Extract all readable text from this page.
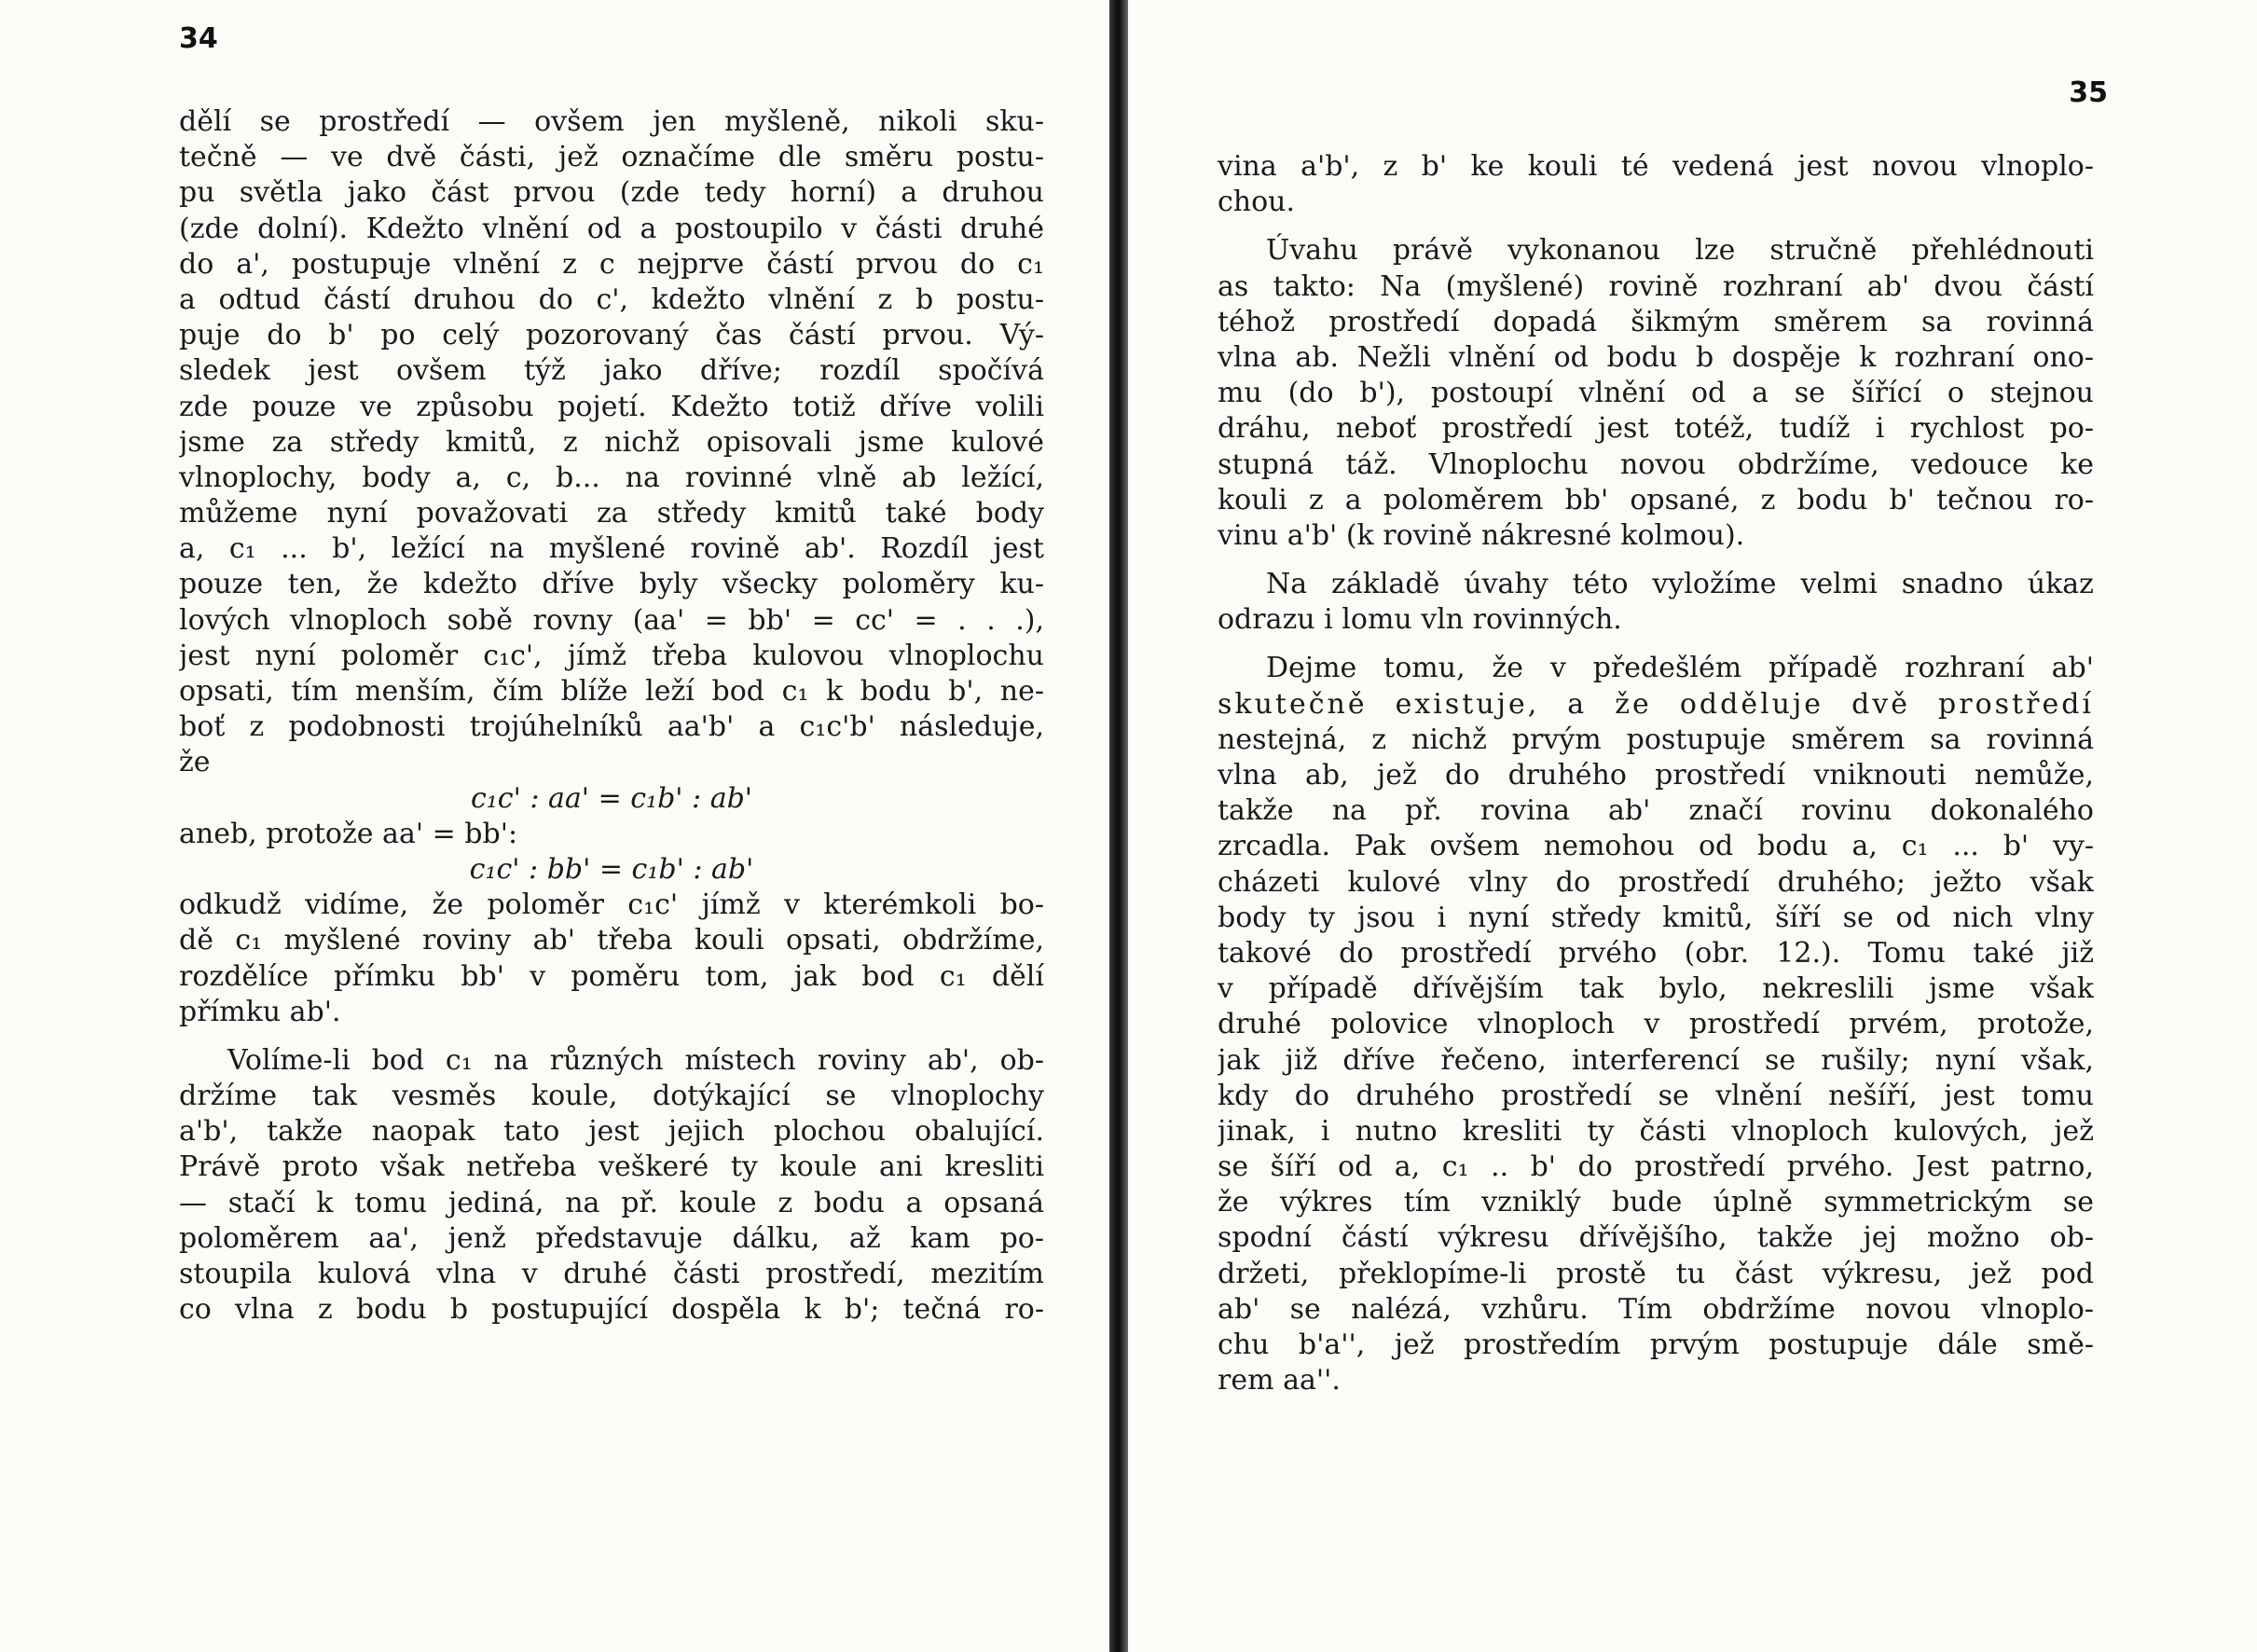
34
dělí se prostředí — ovšem jen myšleně, nikoli sku-
tečně — ve dvě části, jež označíme dle směru postu-
pu světla jako část prvou (zde tedy horní) a druhou
(zde dolní). Kdežto vlnění od a postoupilo v části druhé
do a', postupuje vlnění z c nejprve částí prvou do c₁
a odtud částí druhou do c', kdežto vlnění z b postu-
puje do b' po celý pozorovaný čas částí prvou. Vý-
sledek jest ovšem týž jako dříve; rozdíl spočívá
zde pouze ve způsobu pojetí. Kdežto totiž dříve volili
jsme za středy kmitů, z nichž opisovali jsme kulové
vlnoplochy, body a, c, b... na rovinné vlně ab ležící,
můžeme nyní považovati za středy kmitů také body
a, c₁ ... b', ležící na myšlené rovině ab'. Rozdíl jest
pouze ten, že kdežto dříve byly všecky poloměry ku-
lových vlnoploch sobě rovny (aa' = bb' = cc' = . . .),
jest nyní poloměr c₁c', jímž třeba kulovou vlnoplochu
opsati, tím menším, čím blíže leží bod c₁ k bodu b', ne-
boť z podobnosti trojúhelníků aa'b' a c₁c'b' následuje,
že
c₁c' : aa' = c₁b' : ab'
aneb, protože aa' = bb':
c₁c' : bb' = c₁b' : ab'
odkudž vidíme, že poloměr c₁c' jímž v kterémkoli bo-
dě c₁ myšlené roviny ab' třeba kouli opsati, obdržíme,
rozdělíce přímku bb' v poměru tom, jak bod c₁ dělí
přímku ab'.
Volíme-li bod c₁ na různých místech roviny ab', ob-
držíme tak vesměs koule, dotýkající se vlnoplochy
a'b', takže naopak tato jest jejich plochou obalující.
Právě proto však netřeba veškeré ty koule ani kresliti
— stačí k tomu jediná, na př. koule z bodu a opsaná
poloměrem aa', jenž představuje dálku, až kam po-
stoupila kulová vlna v druhé části prostředí, mezitím
co vlna z bodu b postupující dospěla k b'; tečná ro-
35
vina a'b', z b' ke kouli té vedená jest novou vlnoplo-
chou.
Úvahu právě vykonanou lze stručně přehlédnouti
as takto: Na (myšlené) rovině rozhraní ab' dvou částí
téhož prostředí dopadá šikmým směrem sa rovinná
vlna ab. Nežli vlnění od bodu b dospěje k rozhraní ono-
mu (do b'), postoupí vlnění od a se šířící o stejnou
dráhu, neboť prostředí jest totéž, tudíž i rychlost po-
stupná táž. Vlnoplochu novou obdržíme, vedouce ke
kouli z a poloměrem bb' opsané, z bodu b' tečnou ro-
vinu a'b' (k rovině nákresné kolmou).
Na základě úvahy této vyložíme velmi snadno úkaz
odrazu i lomu vln rovinných.
Dejme tomu, že v předešlém případě rozhraní ab'
skutečně existuje, a že odděluje dvě prostředí
nestejná, z nichž prvým postupuje směrem sa rovinná
vlna ab, jež do druhého prostředí vniknouti nemůže,
takže na př. rovina ab' značí rovinu dokonalého
zrcadla. Pak ovšem nemohou od bodu a, c₁ ... b' vy-
cházeti kulové vlny do prostředí druhého; ježto však
body ty jsou i nyní středy kmitů, šíří se od nich vlny
takové do prostředí prvého (obr. 12.). Tomu také již
v případě dřívějším tak bylo, nekreslili jsme však
druhé polovice vlnoploch v prostředí prvém, protože,
jak již dříve řečeno, interferencí se rušily; nyní však,
kdy do druhého prostředí se vlnění nešíří, jest tomu
jinak, i nutno kresliti ty části vlnoploch kulových, jež
se šíří od a, c₁ .. b' do prostředí prvého. Jest patrno,
že výkres tím vzniklý bude úplně symmetrickým se
spodní částí výkresu dřívějšího, takže jej možno ob-
držeti, překlopíme-li prostě tu část výkresu, jež pod
ab' se nalézá, vzhůru. Tím obdržíme novou vlnoplo-
chu b'a'', jež prostředím prvým postupuje dále smě-
rem aa''.
